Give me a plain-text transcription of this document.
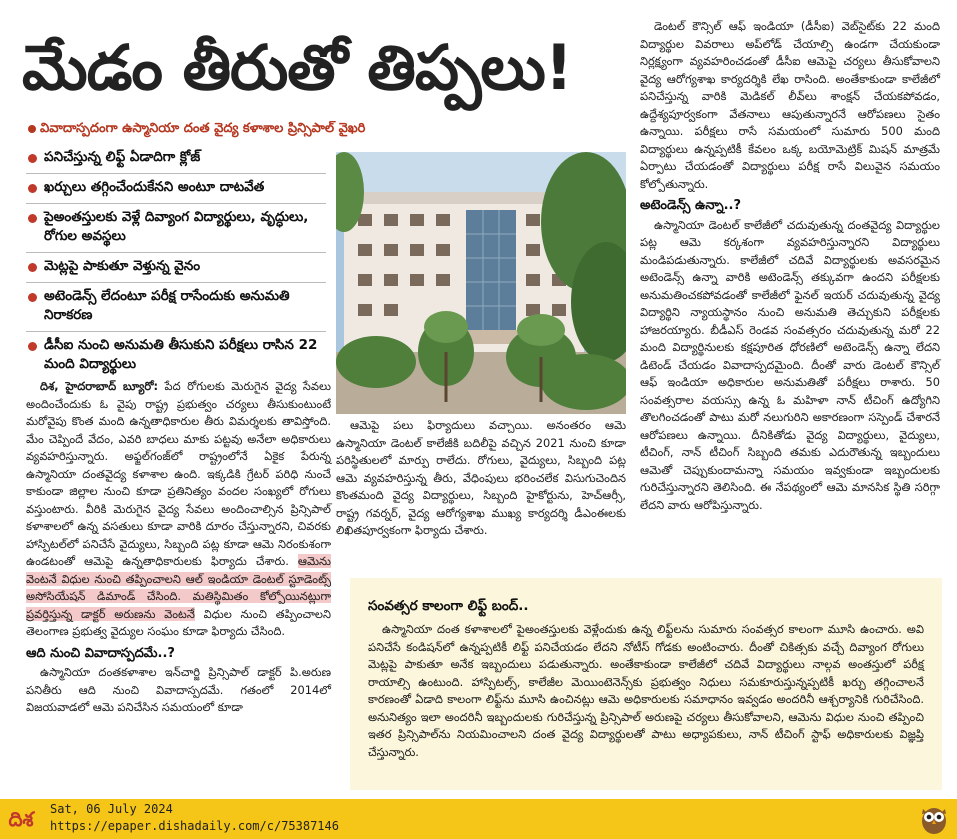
మేడం తీరుతో తిప్పలు!
వివాదాస్పదంగా ఉస్మానియా దంత వైద్య కళాశాల ప్రిన్సిపాల్ వైఖరి
పనిచేస్తున్న లిఫ్ట్ ఏడాదిగా క్లోజ్
ఖర్చులు తగ్గించేందుకేనని అంటూ దాటవేత
పైఅంతస్తులకు వెళ్లే దివ్యాంగ విద్యార్థులు, వృద్ధులు, రోగుల అవస్థలు
మెట్లపై పాకుతూ వెళ్తున్న వైనం
అటెండెన్స్ లేదంటూ పరీక్ష రాసేందుకు అనుమతి నిరాకరణ
డీసీఐ నుంచి అనుమతి తీసుకుని పరీక్షలు రాసిన 22 మంది విద్యార్థులు

దిశ, హైదరాబాద్ బ్యూరో: పేద రోగులకు మెరుగైన వైద్య సేవలు అందించేందుకు ఓ వైపు రాష్ట్ర ప్రభుత్వం చర్యలు తీసుకుంటుంటే మరోవైపు కొంత మంది ఉన్నతాధికారుల తీరు విమర్శలకు తావిస్తోంది. మేం చెప్పిందే వేదం, ఎవరి బాధలు మాకు పట్టవు అనేలా అధికారులు వ్యవహరిస్తున్నారు. అఫ్జల్‌గంజ్‌లో రాష్ట్రంలోనే ఏకైక పేరున్న ఉస్మానియా దంతవైద్య కళాశాల ఉంది. ఇక్కడికి గ్రేటర్ పరిధి నుంచే కాకుండా జిల్లాల నుంచి కూడా ప్రతినిత్యం వందల సంఖ్యలో రోగులు వస్తుంటారు. వీరికి మెరుగైన వైద్య సేవలు అందించాల్సిన ప్రిన్సిపాల్ కళాశాలలో ఉన్న వసతులు కూడా వారికి దూరం చేస్తున్నారని, చివరకు హాస్పిటల్‌లో పనిచేసే వైద్యులు, సిబ్బంది పట్ల కూడా ఆమె నిరంకుశంగా ఉండటంతో ఆమెపై ఉన్నతాధికారులకు ఫిర్యాదు చేశారు. ఆమెను వెంటనే విధుల నుంచి తప్పించాలని ఆల్ ఇండియా డెంటల్ స్టూడెంట్స్ అసోసియేషన్ డిమాండ్ చేసింది. మతిస్థిమితం కోల్పోయినట్లుగా ప్రవర్తిస్తున్న డాక్టర్ అరుణను వెంటనే విధుల నుంచి తప్పించాలని తెలంగాణ ప్రభుత్వ వైద్యుల సంఘం కూడా ఫిర్యాదు చేసింది.

ఆది నుంచి వివాదాస్పదమే..?

ఉస్మానియా దంతకళాశాల ఇన్‌చార్జి ప్రిన్సిపాల్ డాక్టర్ పి.అరుణ పనితీరు ఆది నుంచి వివాదాస్పదమే. గతంలో 2014లో విజయవాడలో ఆమె పనిచేసిన సమయంలో కూడా

ఆమెపై పలు ఫిర్యాదులు వచ్చాయి. అనంతరం ఆమె ఉస్మానియా డెంటల్ కాలేజీకి బదిలీపై వచ్చిన 2021 నుంచి కూడా పరిస్థితులలో మార్పు రాలేదు. రోగులు, వైద్యులు, సిబ్బంది పట్ల ఆమె వ్యవహరిస్తున్న తీరు, వేధింపులు భరించలేక విసుగుచెందిన కొంతమంది వైద్య విద్యార్థులు, సిబ్బంది హైకోర్టును, హెచ్ఆర్సీ, రాష్ట్ర గవర్నర్, వైద్య ఆరోగ్యశాఖ ముఖ్య కార్యదర్శి డీఎంఈలకు లిఖితపూర్వకంగా ఫిర్యాదు చేశారు.

డెంటల్ కౌన్సిల్ ఆఫ్ ఇండియా (డీసీఐ) వెబ్‌సైట్‌కు 22 మంది విద్యార్థుల వివరాలు అప్‌లోడ్ చేయాల్సి ఉండగా చేయకుండా నిర్లక్ష్యంగా వ్యవహరించడంతో డీసీఐ ఆమెపై చర్యలు తీసుకోవాలని వైద్య ఆరోగ్యశాఖ కార్యదర్శికి లేఖ రాసింది. అంతేకాకుండా కాలేజీలో పనిచేస్తున్న వారికి మెడికల్ లీవ్‌లు శాంక్షన్ చేయకపోవడం, ఉద్దేశ్యపూర్వకంగా వేతనాలు ఆపుతున్నారనే ఆరోపణలు సైతం ఉన్నాయి. పరీక్షలు రాసే సమయంలో సుమారు 500 మంది విద్యార్థులు ఉన్నప్పటికీ కేవలం ఒక్క బయోమెట్రిక్ మిషన్ మాత్రమే ఏర్పాటు చేయడంతో విద్యార్థులు పరీక్ష రాసే విలువైన సమయం కోల్పోతున్నారు.

అటెండెన్స్ ఉన్నా..?

ఉస్మానియా డెంటల్ కాలేజీలో చదువుతున్న దంతవైద్య విద్యార్థుల పట్ల ఆమె కర్కశంగా వ్యవహరిస్తున్నారని విద్యార్థులు మండిపడుతున్నారు. కాలేజీలో చదివే విద్యార్థులకు అవసరమైన అటెండెన్స్ ఉన్నా వారికి అటెండెన్స్ తక్కువగా ఉందని పరీక్షలకు అనుమతించకపోవడంతో కాలేజీలో ఫైనల్ ఇయర్ చదువుతున్న వైద్య విద్యార్థిని న్యాయస్థానం నుంచి అనుమతి తెచ్చుకుని పరీక్షలకు హాజరయ్యారు. బీడీఎస్ రెండవ సంవత్సరం చదువుతున్న మరో 22 మంది విద్యార్థినులకు కక్షపూరిత ధోరణిలో అటెండెన్స్ ఉన్నా లేదని డిటెండ్ చేయడం వివాదాస్పదమైంది. దీంతో వారు డెంటల్ కౌన్సిల్ ఆఫ్ ఇండియా అధికారుల అనుమతితో పరీక్షలు రాశారు. 50 సంవత్సరాల వయస్సు ఉన్న ఓ మహిళా నాన్ టీచింగ్ ఉద్యోగిని తొలగించడంతో పాటు మరో నలుగురిని అకారణంగా సస్పెండ్ చేశారనే ఆరోపణలు ఉన్నాయి. దీనికితోడు వైద్య విద్యార్థులు, వైద్యులు, టీచింగ్, నాన్ టీచింగ్ సిబ్బంది తమకు ఎదురౌతున్న ఇబ్బందులు ఆమెతో చెప్పుకుందామన్నా సమయం ఇవ్వకుండా ఇబ్బందులకు గురిచేస్తున్నారని తెలిసింది. ఈ నేపథ్యంలో ఆమె మానసిక స్థితి సరిగ్గా లేదని వారు ఆరోపిస్తున్నారు.

సంవత్సర కాలంగా లిఫ్ట్ బంద్..

ఉస్మానియా దంత కళాశాలలో పైఅంతస్తులకు వెళ్లేందుకు ఉన్న లిఫ్ట్‌లను సుమారు సంవత్సర కాలంగా మూసి ఉంచారు. అవి పనిచేసే కండిషన్‌లో ఉన్నప్పటికీ లిఫ్ట్ పనిచేయడం లేదని నోటీస్ గోడకు అంటించారు. దీంతో చికిత్సకు వచ్చే దివ్యాంగ రోగులు మెట్లపై పాకుతూ అనేక ఇబ్బందులు పడుతున్నారు. అంతేకాకుండా కాలేజీలో చదివే విద్యార్థులు నాల్గవ అంతస్తులో పరీక్ష రాయాల్సి ఉంటుంది. హాస్పిటల్స్, కాలేజీల మెయింటెనెన్స్‌కు ప్రభుత్వం నిధులు సమకూరుస్తున్నప్పటికీ ఖర్చు తగ్గించాలనే కారణంతో ఏడాది కాలంగా లిఫ్ట్‌ను మూసి ఉంచినట్లు ఆమె అధికారులకు సమాధానం ఇవ్వడం అందరినీ ఆశ్చర్యానికి గురిచేసింది. అనునిత్యం ఇలా అందరినీ ఇబ్బందులకు గురిచేస్తున్న ప్రిన్సిపాల్ అరుణపై చర్యలు తీసుకోవాలని, ఆమెను విధుల నుంచి తప్పించి ఇతర ప్రిన్సిపాల్‌ను నియమించాలని దంత వైద్య విద్యార్థులతో పాటు అధ్యాపకులు, నాన్ టీచింగ్ స్టాఫ్ అధికారులకు విజ్ఞప్తి చేస్తున్నారు.

దిశ Sat, 06 July 2024
https://epaper.dishadaily.com/c/75387146
